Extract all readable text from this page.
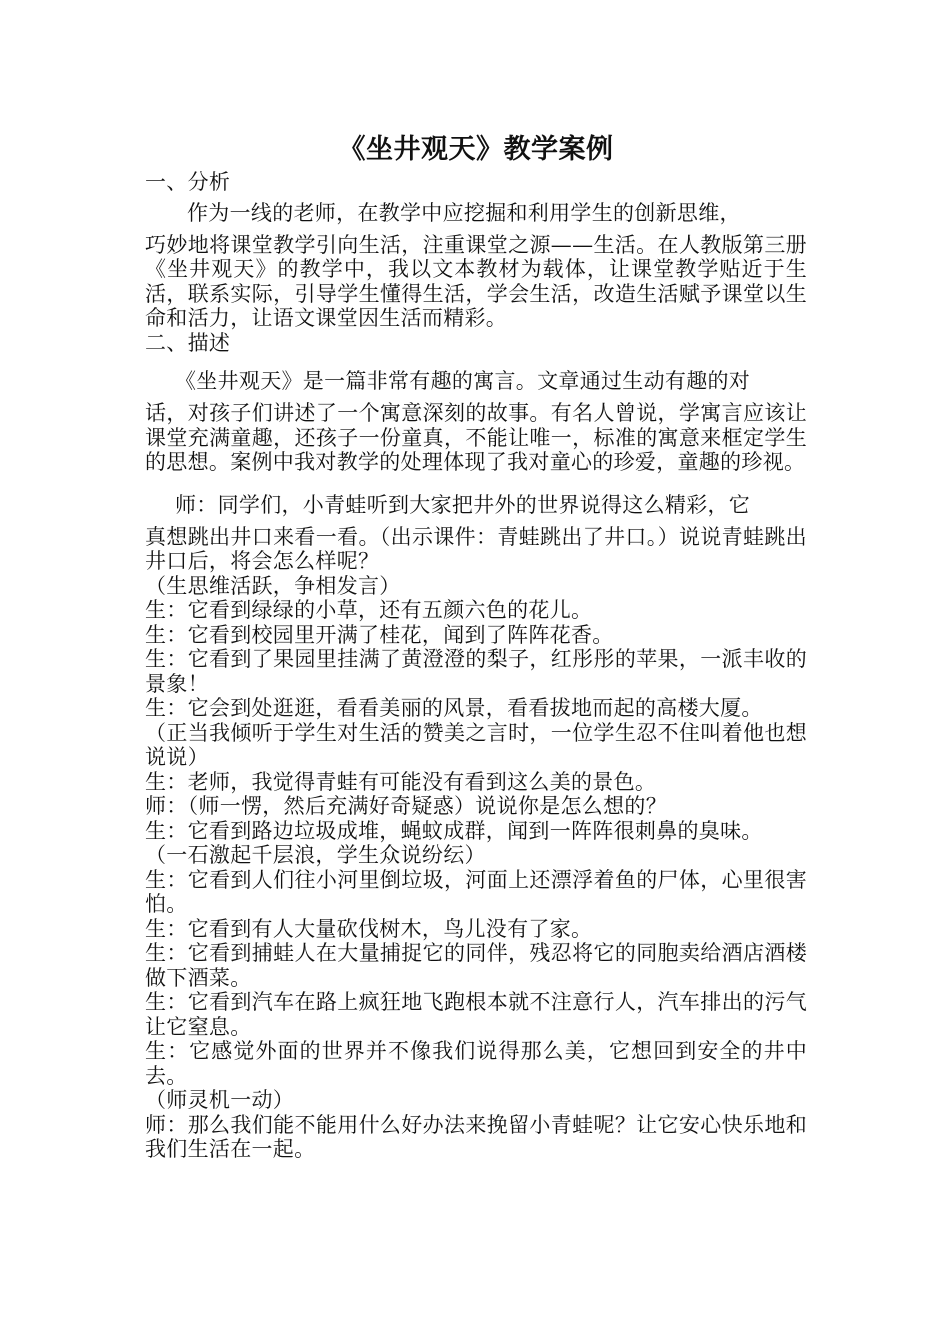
《坐井观天》教学案例

一、分析

作为一线的老师，在教学中应挖掘和利用学生的创新思维，
巧妙地将课堂教学引向生活，注重课堂之源——生活。在人教版第三册《坐井观天》的教学中，我以文本教材为载体，让课堂教学贴近于生活，联系实际，引导学生懂得生活，学会生活，改造生活赋予课堂以生命和活力，让语文课堂因生活而精彩。

二、描述

《坐井观天》是一篇非常有趣的寓言。文章通过生动有趣的对
话，对孩子们讲述了一个寓意深刻的故事。有名人曾说，学寓言应该让课堂充满童趣，还孩子一份童真，不能让唯一，标准的寓意来框定学生的思想。案例中我对教学的处理体现了我对童心的珍爱，童趣的珍视。

师：同学们，小青蛙听到大家把井外的世界说得这么精彩，它
真想跳出井口来看一看。（出示课件：青蛙跳出了井口。）说说青蛙跳出井口后，将会怎么样呢？

（生思维活跃，争相发言）

生：它看到绿绿的小草，还有五颜六色的花儿。

生：它看到校园里开满了桂花，闻到了阵阵花香。

生：它看到了果园里挂满了黄澄澄的梨子，红彤彤的苹果，一派丰收的景象！

生：它会到处逛逛，看看美丽的风景，看看拔地而起的高楼大厦。

（正当我倾听于学生对生活的赞美之言时，一位学生忍不住叫着他也想说说）

生：老师，我觉得青蛙有可能没有看到这么美的景色。

师：（师一愣，然后充满好奇疑惑）说说你是怎么想的？

生：它看到路边垃圾成堆，蝇蚊成群，闻到一阵阵很刺鼻的臭味。

（一石激起千层浪，学生众说纷纭）

生：它看到人们往小河里倒垃圾，河面上还漂浮着鱼的尸体，心里很害怕。

生：它看到有人大量砍伐树木，鸟儿没有了家。

生：它看到捕蛙人在大量捕捉它的同伴，残忍将它的同胞卖给酒店酒楼做下酒菜。

生：它看到汽车在路上疯狂地飞跑根本就不注意行人，汽车排出的污气让它窒息。

生：它感觉外面的世界并不像我们说得那么美，它想回到安全的井中去。

（师灵机一动）

师：那么我们能不能用什么好办法来挽留小青蛙呢？让它安心快乐地和我们生活在一起。
